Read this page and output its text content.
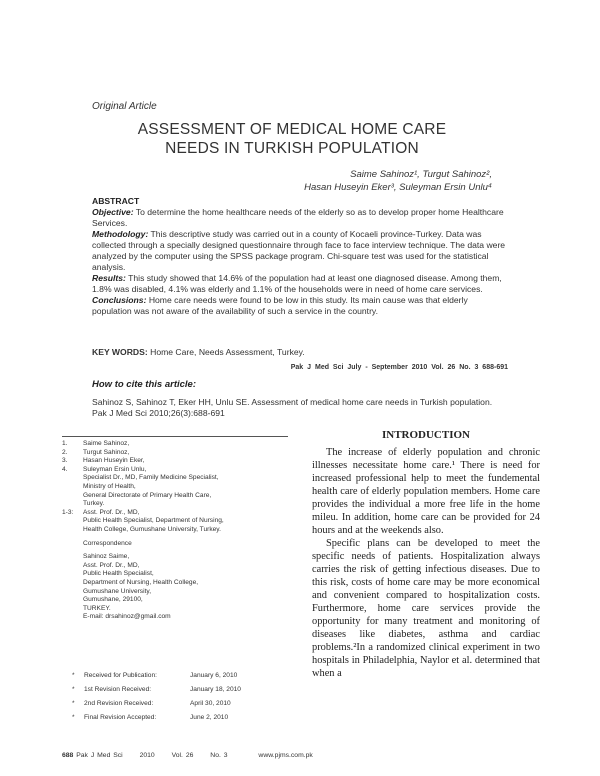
Original Article
ASSESSMENT OF MEDICAL HOME CARE
NEEDS IN TURKISH POPULATION
Saime Sahinoz¹, Turgut Sahinoz²,
Hasan Huseyin Eker³, Suleyman Ersin Unlu⁴

ABSTRACT

Objective: To determine the home healthcare needs of the elderly so as to develop proper home Healthcare Services.

Methodology: This descriptive study was carried out in a county of Kocaeli province-Turkey. Data was collected through a specially designed questionnaire through face to face interview technique. The data were analyzed by the computer using the SPSS package program. Chi-square test was used for the statistical analysis.

Results: This study showed that 14.6% of the population had at least one diagnosed disease. Among them, 1.8% was disabled, 4.1% was elderly and 1.1% of the households were in need of home care services.

Conclusions: Home care needs were found to be low in this study. Its main cause was that elderly population was not aware of the availability of such a service in the country.

KEY WORDS: Home Care, Needs Assessment, Turkey.
Pak J Med Sci July - September 2010 Vol. 26 No. 3 688-691
How to cite this article:
Sahinoz S, Sahinoz T, Eker HH, Unlu SE. Assessment of medical home care needs in Turkish population. Pak J Med Sci 2010;26(3):688-691
1. Saime Sahinoz,
2. Turgut Sahinoz,
3. Hasan Huseyin Eker,
4. Suleyman Ersin Unlu,
Specialist Dr., MD, Family Medicine Specialist,
Ministry of Health,
General Directorate of Primary Health Care,
Turkey.
1-3: Asst. Prof. Dr., MD,
Public Health Specialist, Department of Nursing,
Health College, Gumushane University, Turkey.
Correspondence
Sahinoz Saime,
Asst. Prof. Dr., MD,
Public Health Specialist,
Department of Nursing, Health College,
Gumushane University,
Gumushane, 29100,
TURKEY.
E-mail: drsahinoz@gmail.com
* Received for Publication:	January 6, 2010
* 1st Revision Received:	January 18, 2010
* 2nd Revision Received:	April 30, 2010
* Final Revision Accepted:	June 2, 2010
INTRODUCTION

The increase of elderly population and chronic illnesses necessitate home care.¹ There is need for increased professional help to meet the fundemental health care of elderly population members. Home care provides the individual a more free life in the home mileu. In addition, home care can be provided for 24 hours and at the weekends also.

Specific plans can be developed to meet the specific needs of patients. Hospitalization always carries the risk of getting infectious diseases. Due to this risk, costs of home care may be more economical and convenient compared to hospitalization costs. Furthermore, home care services provide the opportunity for many treatment and monitoring of diseases like diabetes, asthma and cardiac problems.²In a randomized clinical experiment in two hospitals in Philadelphia, Naylor et al. determined that when a

688 Pak J Med Sci 2010 Vol. 26 No. 3	www.pjms.com.pk
